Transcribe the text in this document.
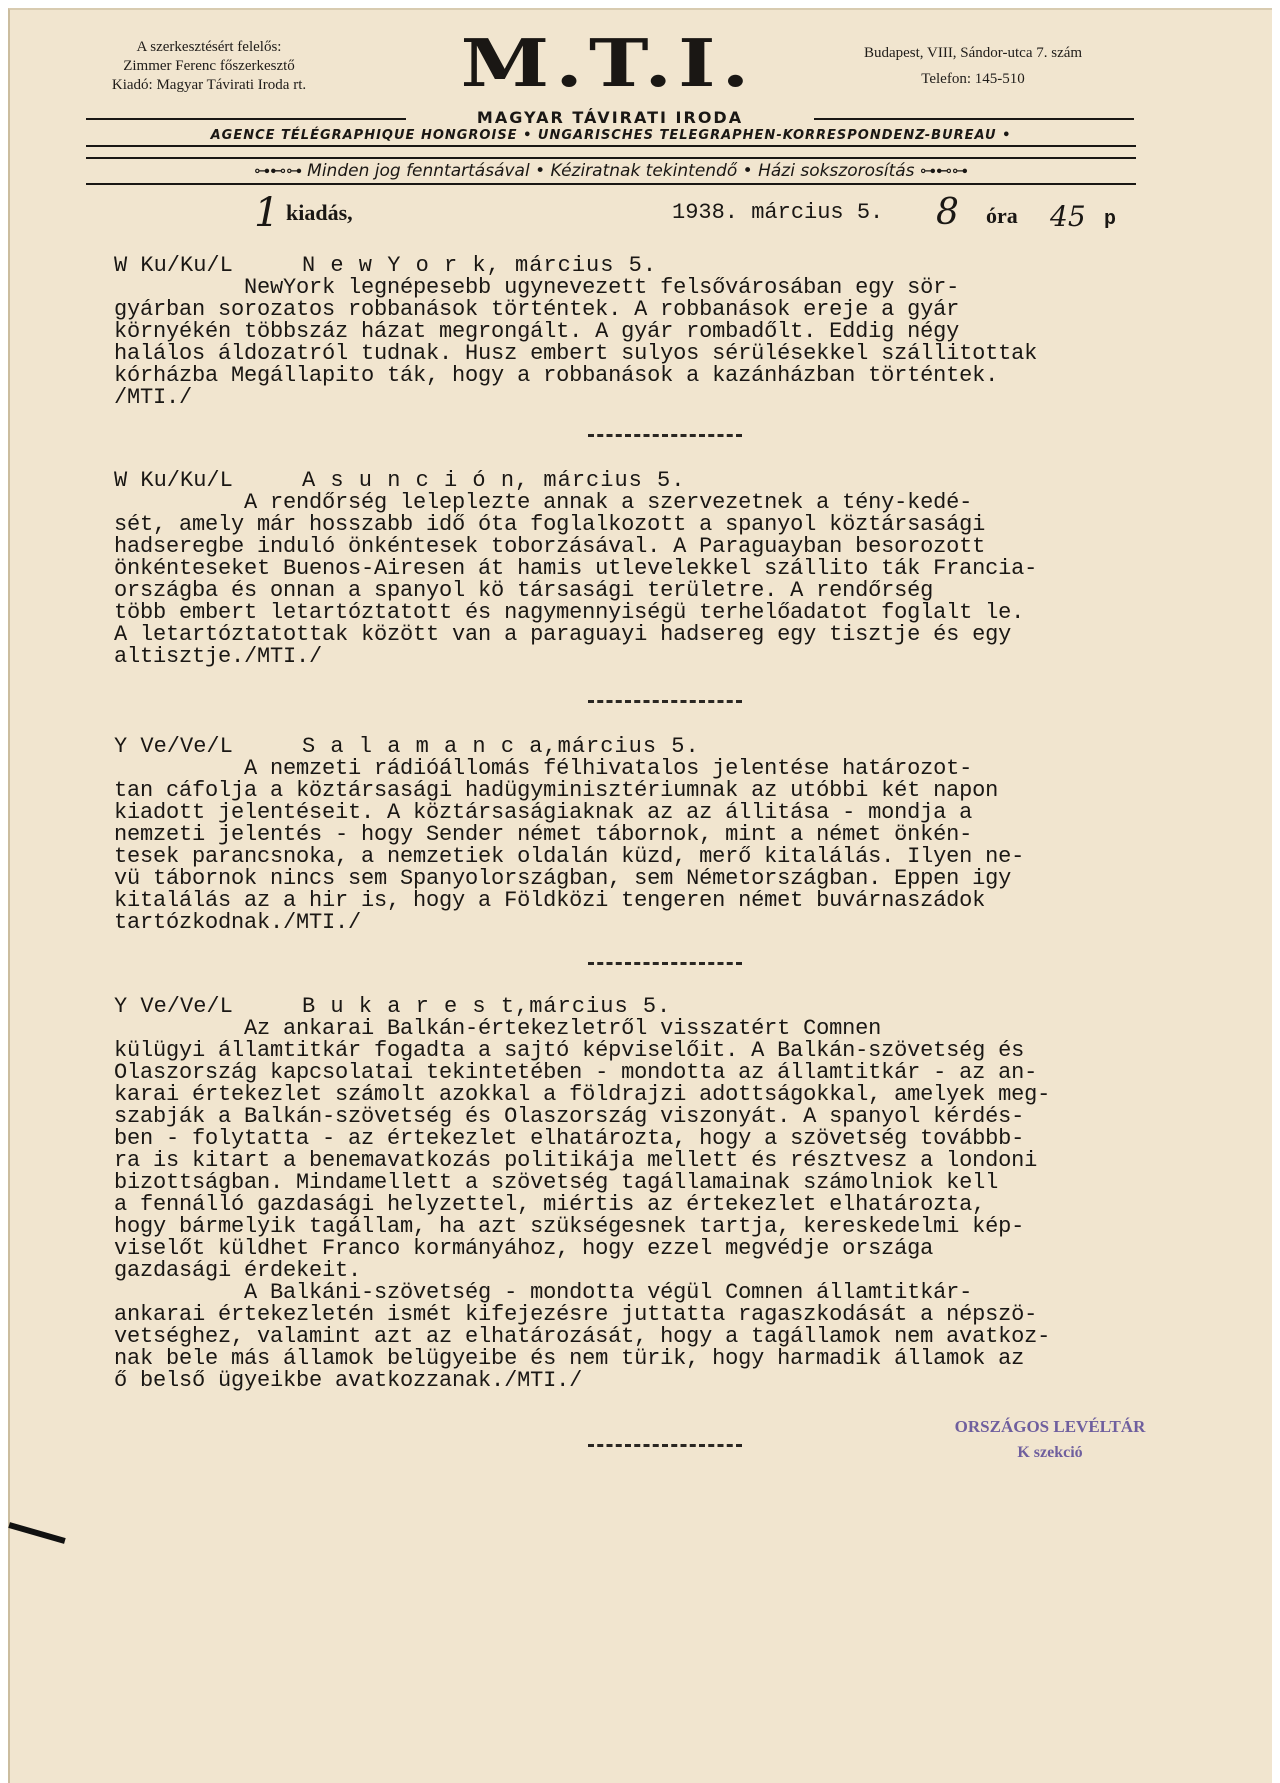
A szerkesztésért felelős:
Zimmer Ferenc főszerkesztő
Kiadó: Magyar Távirati Iroda rt.	M.T.I.	Budapest, VIII, Sándor-utca 7. szám
Telefon: 145-510
MAGYAR TÁVIRATI IRODA
AGENCE TÉLÉGRAPHIQUE HONGROISE • UNGARISCHES TELEGRAPHEN-KORRESPONDENZ-BUREAU •
⊶⊷⊶ Minden jog fenntartásával • Kéziratnak tekintendő • Házi sokszorosítás ⊶⊷⊶
1 kiadás,	1938. március 5. 8 óra 45 p
W Ku/Ku/L	N e w Y o r k, március 5.
NewYork legnépesebb ugynevezett felsővárosában egy sör-
gyárban sorozatos robbanások történtek. A robbanások ereje a gyár
környékén többszáz házat megrongált. A gyár rombadőlt. Eddig négy
halálos áldozatról tudnak. Husz embert sulyos sérülésekkel szállitottak
kórházba Megállapito ták, hogy a robbanások a kazánházban történtek.
/MTI./
W Ku/Ku/L	A s u n c i ó n, március 5.
A rendőrség leleplezte annak a szervezetnek a tény-kedé-
sét, amely már hosszabb idő óta foglalkozott a spanyol köztársasági
hadseregbe induló önkéntesek toborzásával. A Paraguayban besorozott
önkénteseket Buenos-Airesen át hamis utlevelekkel szállito ták Francia-
országba és onnan a spanyol kö társasági területre. A rendőrség
több embert letartóztatott és nagymennyiségü terhelőadatot foglalt le.
A letartóztatottak között van a paraguayi hadsereg egy tisztje és egy
altisztje./MTI./
Y Ve/Ve/L	S a l a m a n c a,március 5.
A nemzeti rádióállomás félhivatalos jelentése határozot-
tan cáfolja a köztársasági hadügyminisztériumnak az utóbbi két napon
kiadott jelentéseit. A köztársaságiaknak az az állitása - mondja a
nemzeti jelentés - hogy Sender német tábornok, mint a német önkén-
tesek parancsnoka, a nemzetiek oldalán küzd, merő kitalálás. Ilyen ne-
vü tábornok nincs sem Spanyolországban, sem Németországban. Eppen igy
kitalálás az a hir is, hogy a Földközi tengeren német buvárnaszádok
tartózkodnak./MTI./
Y Ve/Ve/L	B u k a r e s t,március 5.
Az ankarai Balkán-értekezletről visszatért Comnen
külügyi államtitkár fogadta a sajtó képviselőit. A Balkán-szövetség és
Olaszország kapcsolatai tekintetében - mondotta az államtitkár - az an-
karai értekezlet számolt azokkal a földrajzi adottságokkal, amelyek meg-
szabják a Balkán-szövetség és Olaszország viszonyát. A spanyol kérdés-
ben - folytatta - az értekezlet elhatározta, hogy a szövetség továbbb-
ra is kitart a benemavatkozás politikája mellett és résztvesz a londoni
bizottságban. Mindamellett a szövetség tagállamainak számolniok kell
a fennálló gazdasági helyzettel, miértis az értekezlet elhatározta,
hogy bármelyik tagállam, ha azt szükségesnek tartja, kereskedelmi kép-
viselőt küldhet Franco kormányához, hogy ezzel megvédje országa
gazdasági érdekeit.
A Balkáni-szövetség - mondotta végül Comnen államtitkár-
ankarai értekezletén ismét kifejezésre juttatta ragaszkodását a népszö-
vetséghez, valamint azt az elhatározását, hogy a tagállamok nem avatkoz-
nak bele más államok belügyeibe és nem türik, hogy harmadik államok az
ő belső ügyeikbe avatkozzanak./MTI./
ORSZÁGOS LEVÉLTÁR
K szekció
